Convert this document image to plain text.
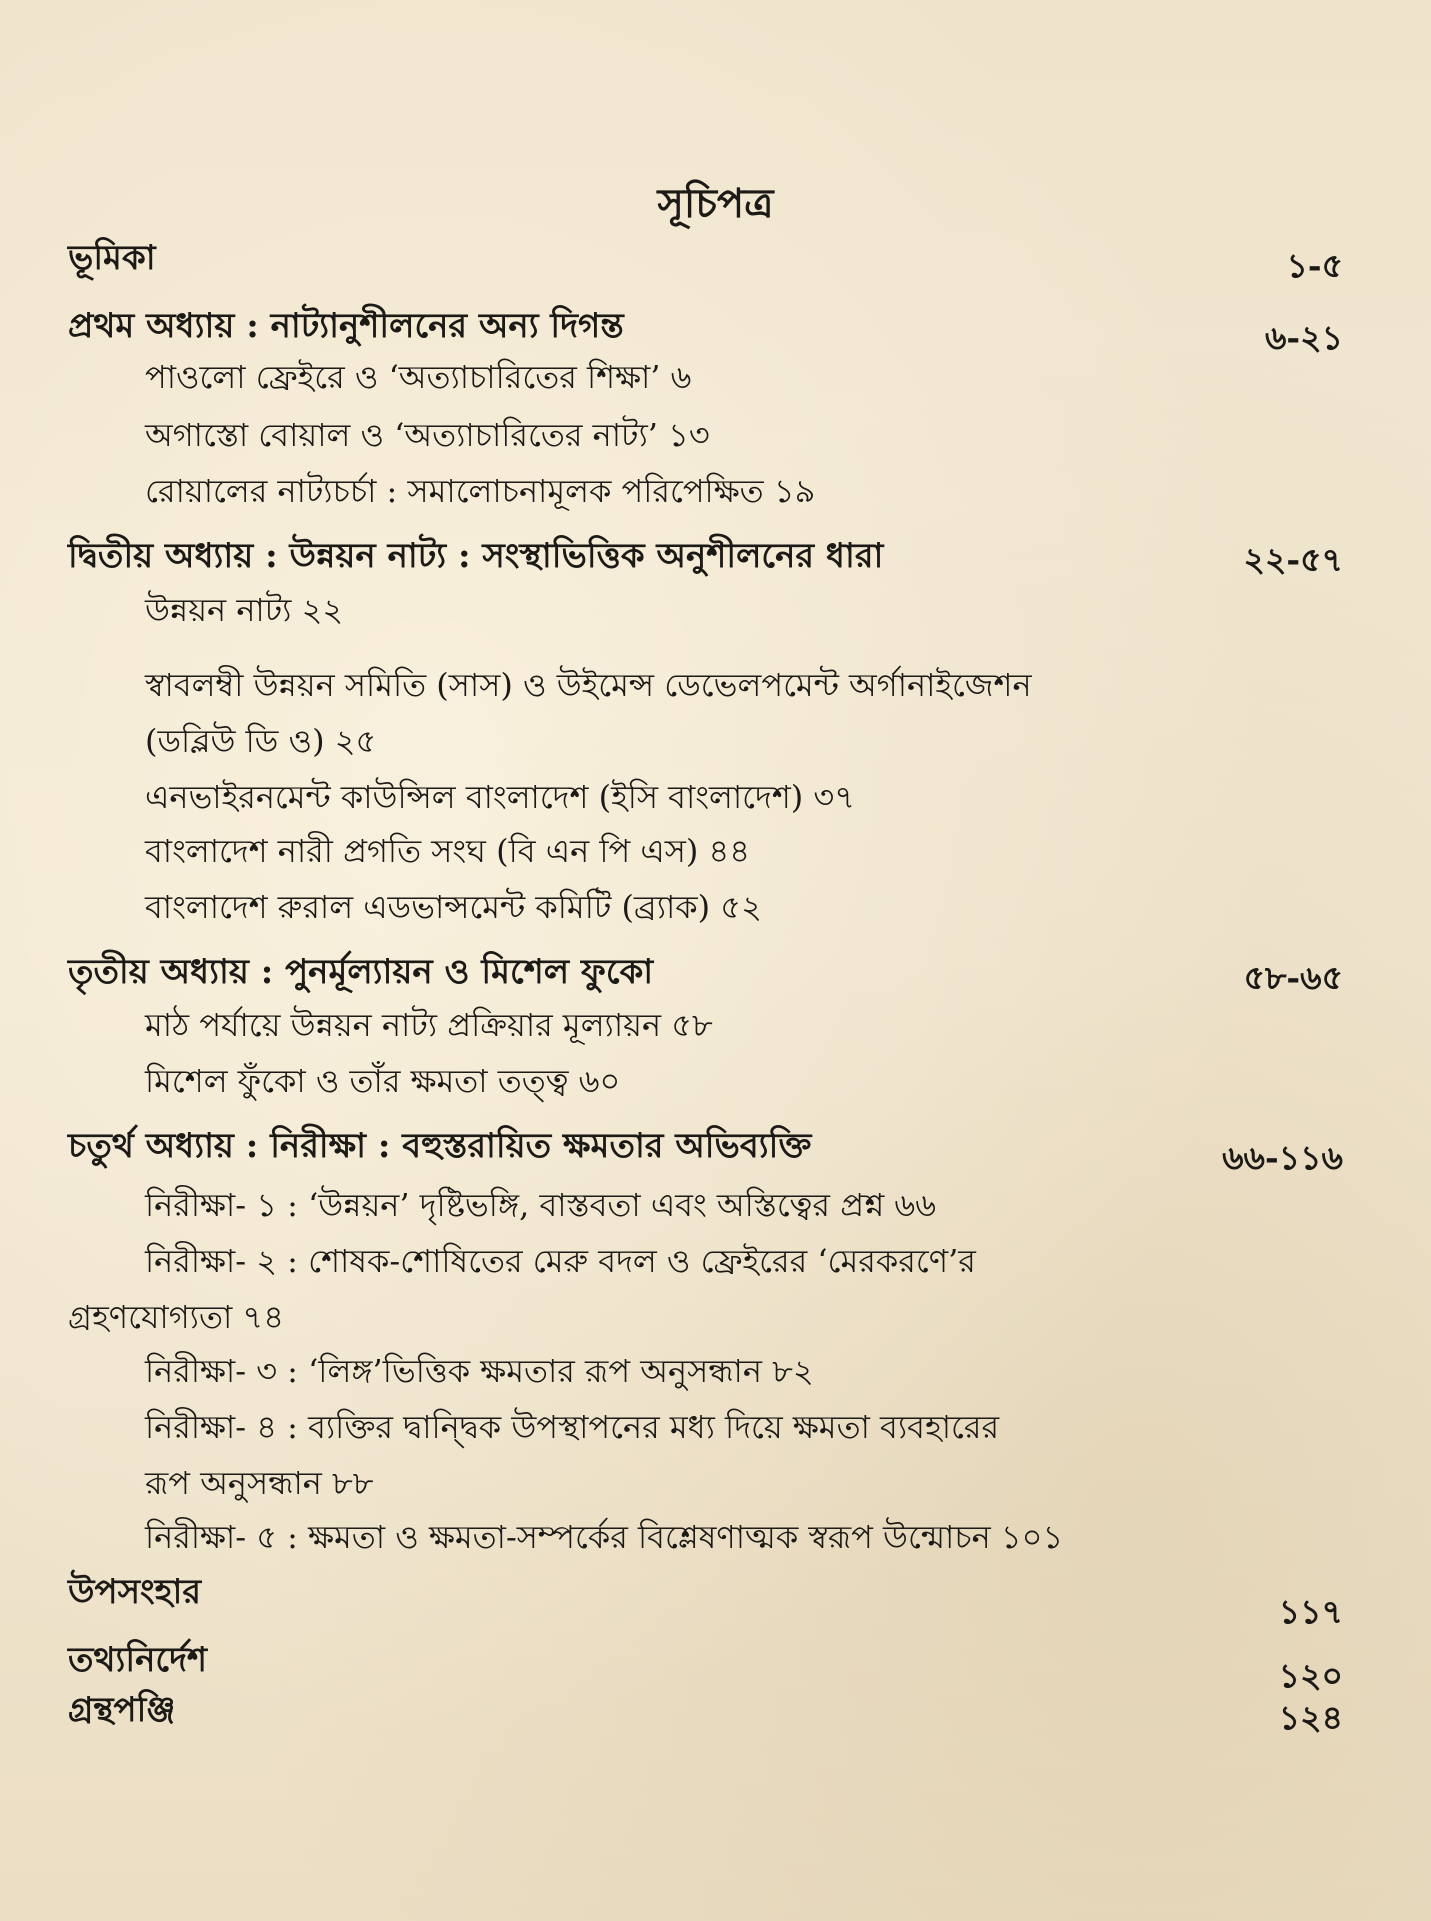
সূচিপত্র
ভূমিকা	১-৫
প্রথম অধ্যায় : নাট্যানুশীলনের অন্য দিগন্ত	৬-২১
পাওলো ফ্রেইরে ও ‘অত্যাচারিতের শিক্ষা’ ৬
অগাস্তো বোয়াল ও ‘অত্যাচারিতের নাট্য’ ১৩
রোয়ালের নাট্যচর্চা : সমালোচনামূলক পরিপেক্ষিত ১৯
দ্বিতীয় অধ্যায় : উন্নয়ন নাট্য : সংস্থাভিত্তিক অনুশীলনের ধারা	২২-৫৭
উন্নয়ন নাট্য ২২
স্বাবলম্বী উন্নয়ন সমিতি (সাস) ও উইমেন্স ডেভেলপমেন্ট অর্গানাইজেশন
(ডব্লিউ ডি ও) ২৫
এনভাইরনমেন্ট কাউন্সিল বাংলাদেশ (ইসি বাংলাদেশ) ৩৭
বাংলাদেশ নারী প্রগতি সংঘ (বি এন পি এস) ৪৪
বাংলাদেশ রুরাল এডভান্সমেন্ট কমিটি (ব্র্যাক) ৫২
তৃতীয় অধ্যায় : পুনর্মূল্যায়ন ও মিশেল ফুকো	৫৮-৬৫
মাঠ পর্যায়ে উন্নয়ন নাট্য প্রক্রিয়ার মূল্যায়ন ৫৮
মিশেল ফুঁকো ও তাঁর ক্ষমতা তত্ত্ব ৬০
চতুর্থ অধ্যায় : নিরীক্ষা : বহুস্তরায়িত ক্ষমতার অভিব্যক্তি	৬৬-১১৬
নিরীক্ষা- ১ : ‘উন্নয়ন’ দৃষ্টিভঙ্গি, বাস্তবতা এবং অস্তিত্বের প্রশ্ন ৬৬
নিরীক্ষা- ২ : শোষক-শোষিতের মেরু বদল ও ফ্রেইরের ‘মেরকরণে’র
গ্রহণযোগ্যতা ৭৪
নিরীক্ষা- ৩ : ‘লিঙ্গ’ভিত্তিক ক্ষমতার রূপ অনুসন্ধান ৮২
নিরীক্ষা- ৪ : ব্যক্তির দ্বান্দ্বিক উপস্থাপনের মধ্য দিয়ে ক্ষমতা ব্যবহারের
রূপ অনুসন্ধান ৮৮
নিরীক্ষা- ৫ : ক্ষমতা ও ক্ষমতা-সম্পর্কের বিশ্লেষণাত্মক স্বরূপ উন্মোচন ১০১
উপসংহার	১১৭
তথ্যনির্দেশ	১২০
গ্রন্থপঞ্জি	১২৪
